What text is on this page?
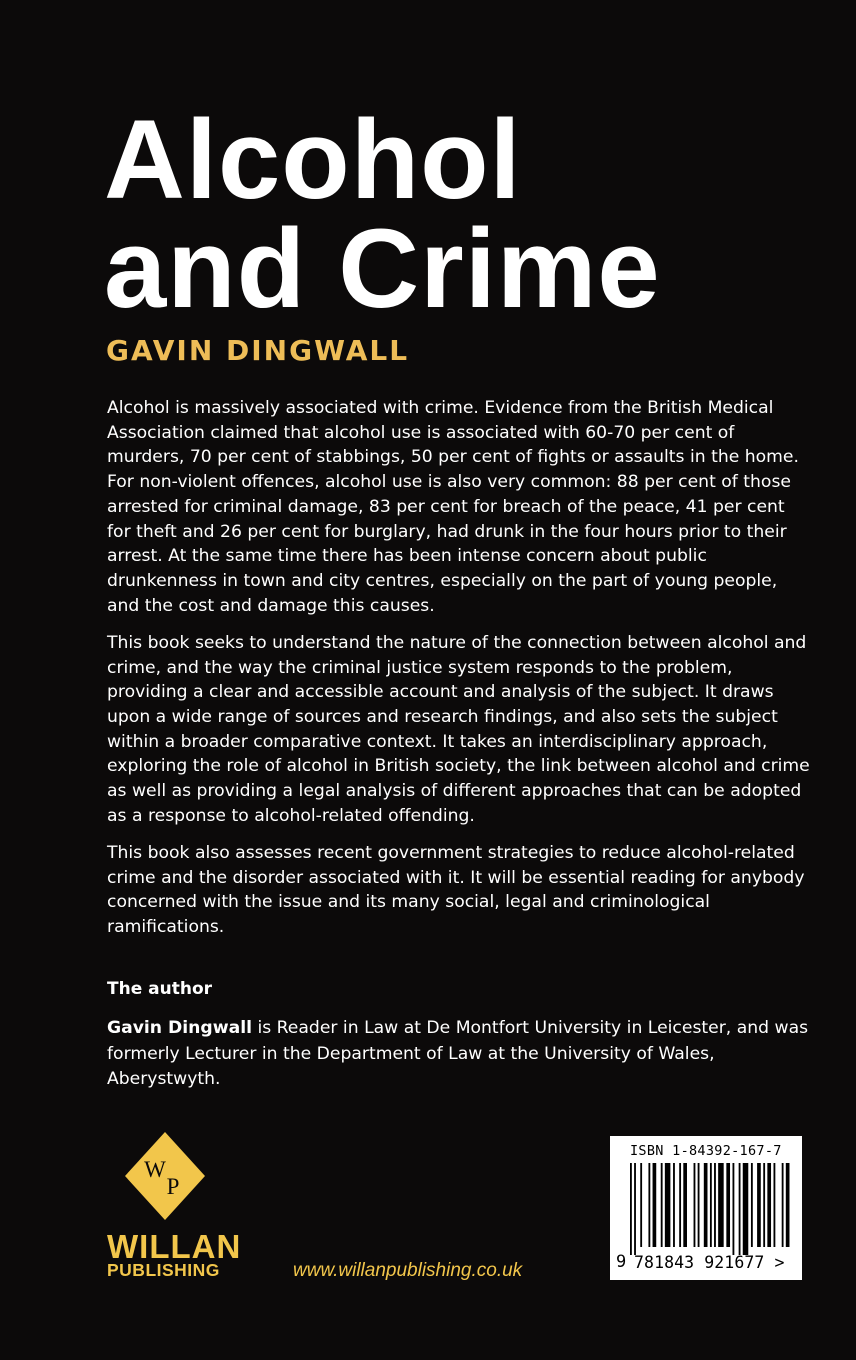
Alcohol
and Crime
GAVIN DINGWALL

Alcohol is massively associated with crime. Evidence from the British Medical Association claimed that alcohol use is associated with 60-70 per cent of murders, 70 per cent of stabbings, 50 per cent of fights or assaults in the home. For non-violent offences, alcohol use is also very common: 88 per cent of those arrested for criminal damage, 83 per cent for breach of the peace, 41 per cent for theft and 26 per cent for burglary, had drunk in the four hours prior to their arrest. At the same time there has been intense concern about public drunkenness in town and city centres, especially on the part of young people, and the cost and damage this causes.

This book seeks to understand the nature of the connection between alcohol and crime, and the way the criminal justice system responds to the problem, providing a clear and accessible account and analysis of the subject. It draws upon a wide range of sources and research findings, and also sets the subject within a broader comparative context. It takes an interdisciplinary approach, exploring the role of alcohol in British society, the link between alcohol and crime as well as providing a legal analysis of different approaches that can be adopted as a response to alcohol-related offending.

This book also assesses recent government strategies to reduce alcohol-related crime and the disorder associated with it. It will be essential reading for anybody concerned with the issue and its many social, legal and criminological ramifications.

The author
Gavin Dingwall is Reader in Law at De Montfort University in Leicester, and was formerly Lecturer in the Department of Law at the University of Wales, Aberystwyth.
W
P
WILLAN
PUBLISHING	www.willanpublishing.co.uk
ISBN 1-84392-167-7
9 781843 921677 >
